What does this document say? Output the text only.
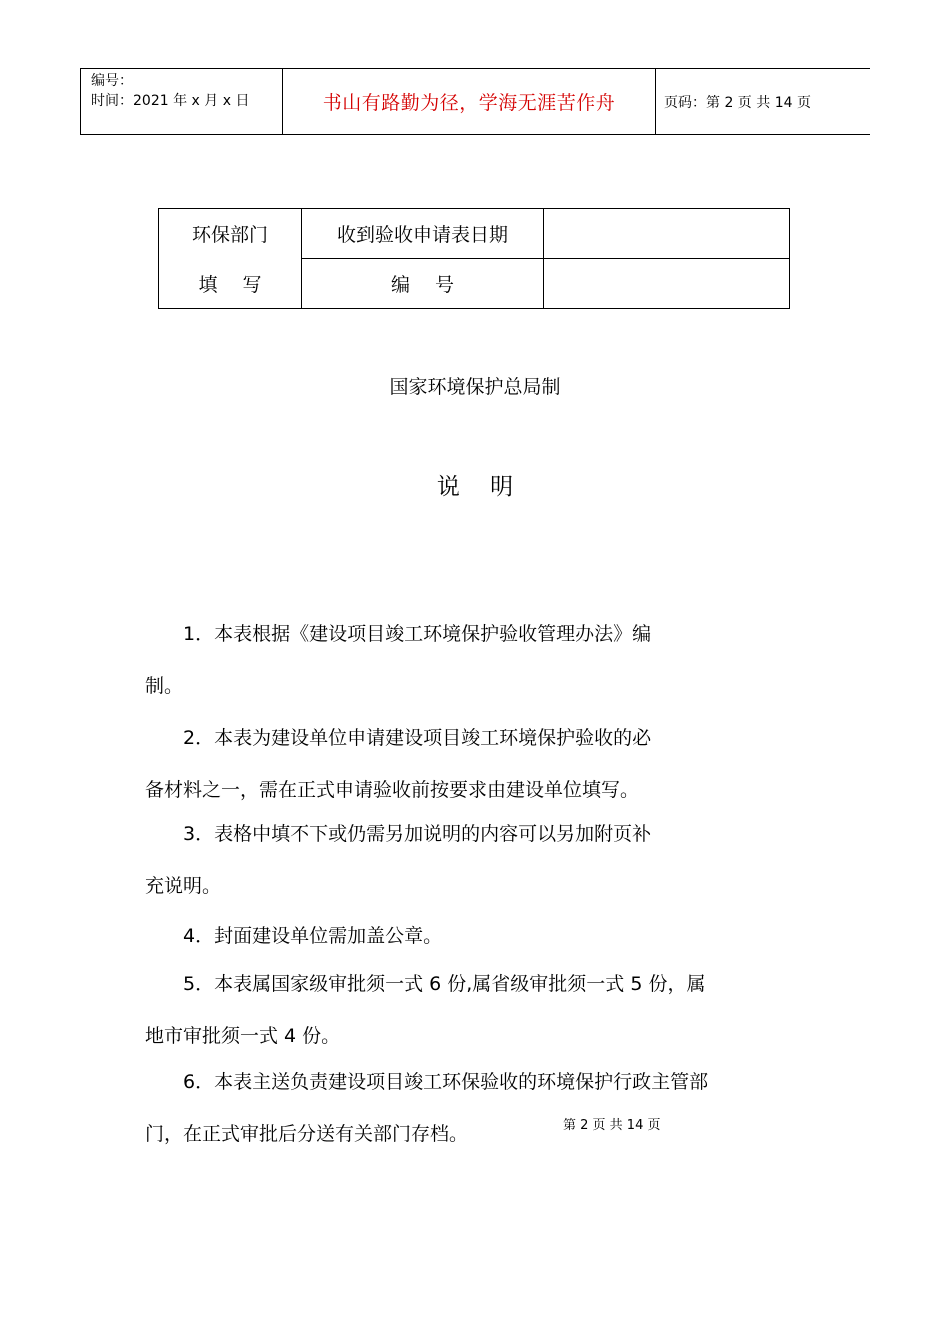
编号：
时间：2021 年 x 月 x 日	书山有路勤为径，学海无涯苦作舟	页码：第 2 页 共 14 页
环保部门	收到验收申请表日期	
填　 写	编　 号	
国家环境保护总局制
说　 明
　　1．本表根据《建设项目竣工环境保护验收管理办法》编
制。
　　2．本表为建设单位申请建设项目竣工环境保护验收的必
备材料之一，需在正式申请验收前按要求由建设单位填写。
　　3．表格中填不下或仍需另加说明的内容可以另加附页补
充说明。
　　4．封面建设单位需加盖公章。
　　5．本表属国家级审批须一式 6 份,属省级审批须一式 5 份，属
地市审批须一式 4 份。
　　6．本表主送负责建设项目竣工环保验收的环境保护行政主管部
门，在正式审批后分送有关部门存档。	第 2 页 共 14 页
